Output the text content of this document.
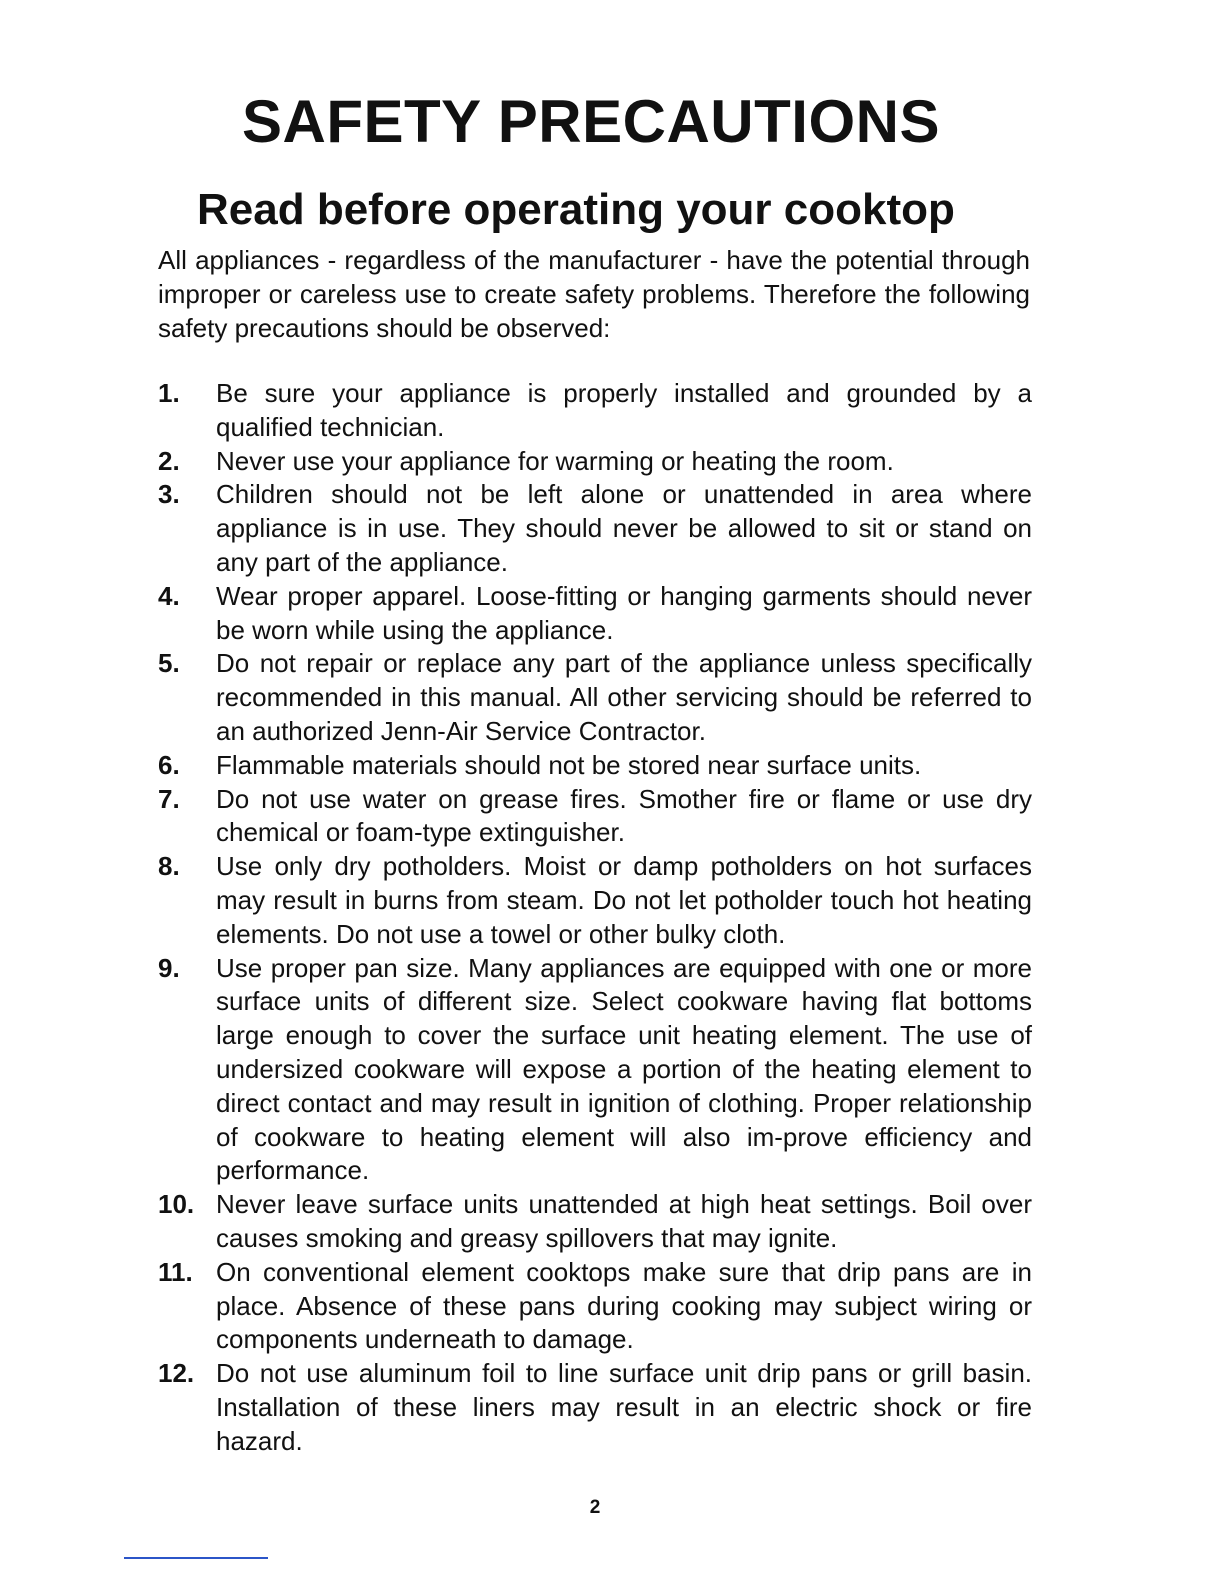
SAFETY PRECAUTIONS
Read before operating your cooktop

All appliances - regardless of the manufacturer - have the potential through improper or careless use to create safety problems. Therefore the following safety precautions should be observed:

1.	Be sure your appliance is properly installed and grounded by a qualified technician.
2.	Never use your appliance for warming or heating the room.
3.	Children should not be left alone or unattended in area where appliance is in use. They should never be allowed to sit or stand on any part of the appliance.
4.	Wear proper apparel. Loose-fitting or hanging garments should never be worn while using the appliance.
5.	Do not repair or replace any part of the appliance unless specifically recommended in this manual. All other servicing should be referred to an authorized Jenn-Air Service Contractor.
6.	Flammable materials should not be stored near surface units.
7.	Do not use water on grease fires. Smother fire or flame or use dry chemical or foam-type extinguisher.
8.	Use only dry potholders. Moist or damp potholders on hot surfaces may result in burns from steam. Do not let potholder touch hot heating elements. Do not use a towel or other bulky cloth.
9.	Use proper pan size. Many appliances are equipped with one or more surface units of different size. Select cookware having flat bottoms large enough to cover the surface unit heating element. The use of undersized cookware will expose a portion of the heating element to direct contact and may result in ignition of clothing. Proper relationship of cookware to heating element will also im-prove efficiency and performance.
10. Never leave surface units unattended at high heat settings. Boil over causes smoking and greasy spillovers that may ignite.
11. On conventional element cooktops make sure that drip pans are in place. Absence of these pans during cooking may subject wiring or components underneath to damage.
12. Do not use aluminum foil to line surface unit drip pans or grill basin. Installation of these liners may result in an electric shock or fire hazard.
2
